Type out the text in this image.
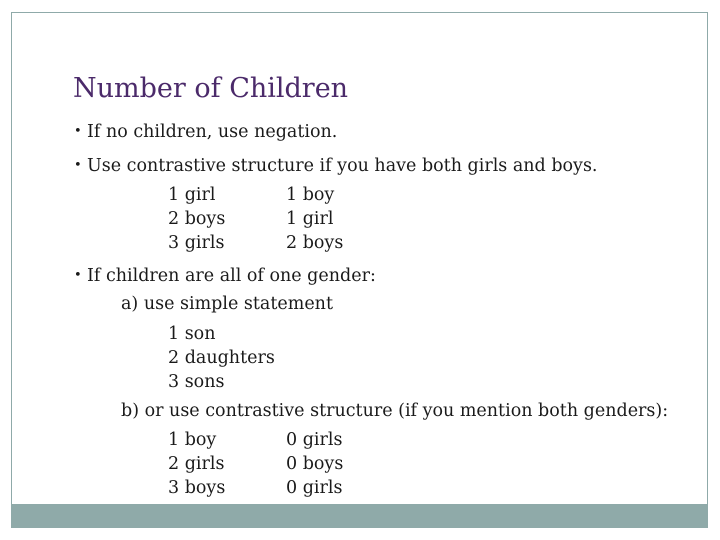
Number of Children
• If no children, use negation.
• Use contrastive structure if you have both girls and boys.
1 girl
2 boys
3 girls
1 boy
1 girl
2 boys
• If children are all of one gender:
a) use simple statement
1 son
2 daughters
3 sons
b) or use contrastive structure (if you mention both genders):
1 boy
2 girls
3 boys
0 girls
0 boys
0 girls
